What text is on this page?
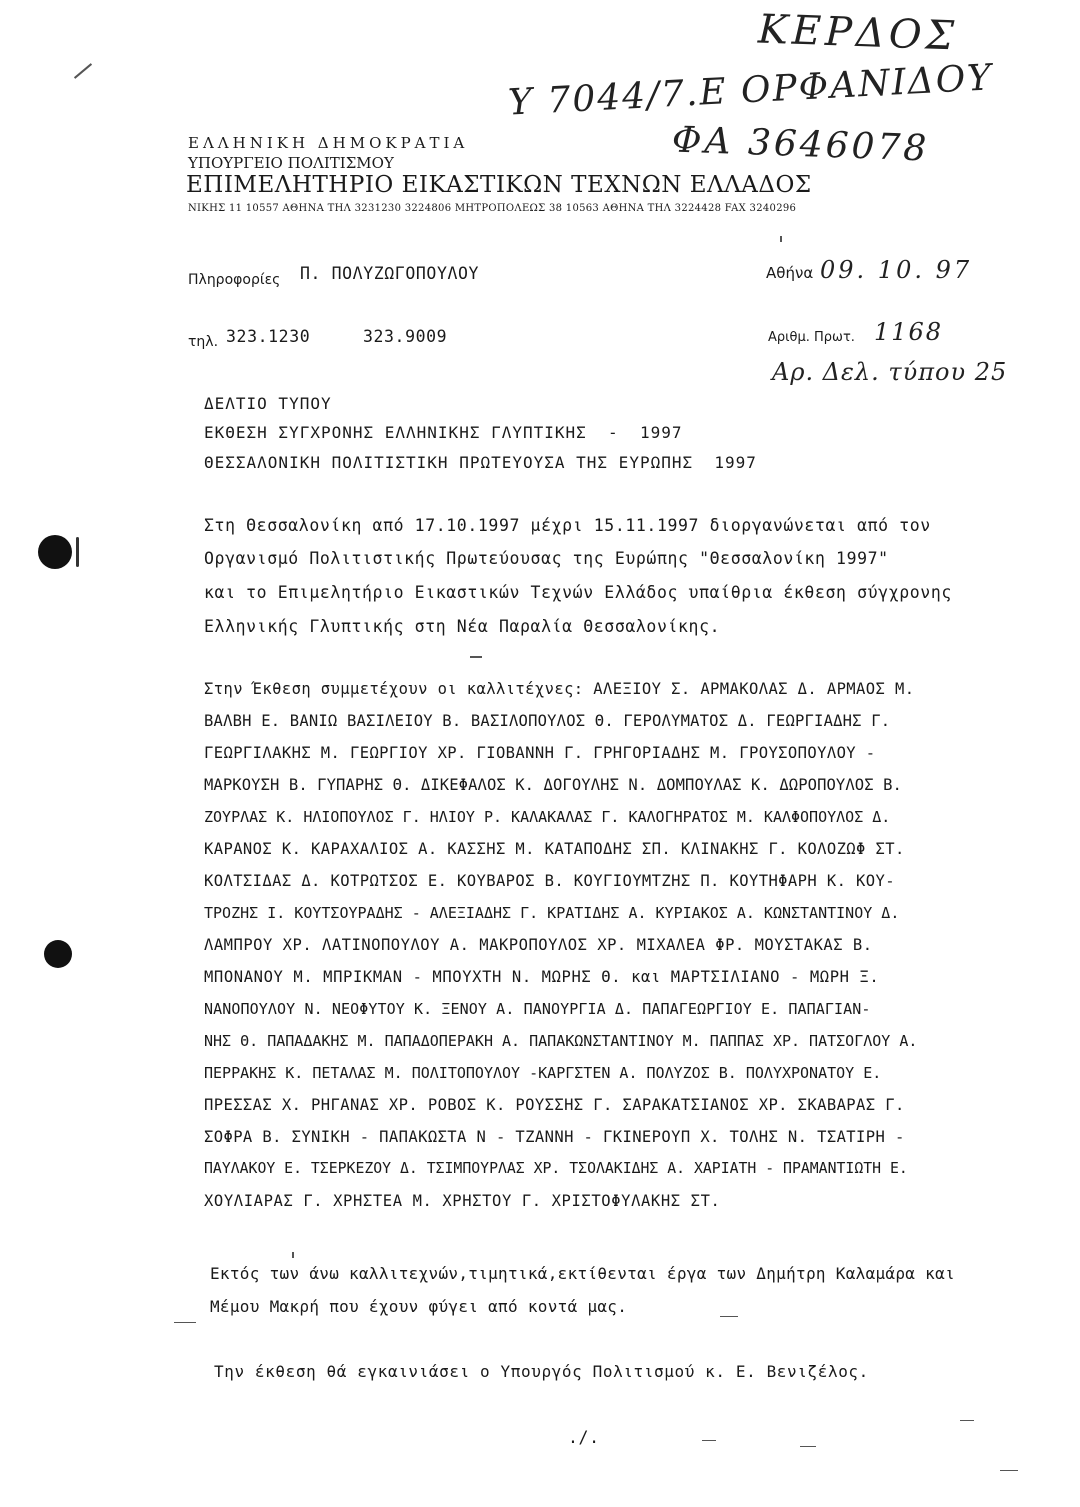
ΚΕΡΔΟΣ
Υ 7044/7.Ε ΟΡΦΑΝΙΔΟΥ
ΦΑ 3646078
ΕΛΛΗΝΙΚΗ ΔΗΜΟΚΡΑΤΙΑ
ΥΠΟΥΡΓΕΙΟ ΠΟΛΙΤΙΣΜΟΥ
ΕΠΙΜΕΛΗΤΗΡΙΟ ΕΙΚΑΣΤΙΚΩΝ ΤΕΧΝΩΝ ΕΛΛΑΔΟΣ
ΝΙΚΗΣ 11 10557 ΑΘΗΝΑ ΤΗΛ 3231230 3224806 ΜΗΤΡΟΠΟΛΕΩΣ 38 10563 ΑΘΗΝΑ ΤΗΛ 3224428 FAX 3240296
Πληροφορίες Π. ΠΟΛΥΖΩΓΟΠΟΥΛΟΥ	Αθήνα 09. 10. 97
τηλ. 323.1230     323.9009	Αριθμ. Πρωτ. 1168
Αρ. Δελ. τύπου 25
ΔΕΛΤΙΟ ΤΥΠΟΥ
ΕΚΘΕΣΗ ΣΥΓΧΡΟΝΗΣ ΕΛΛΗΝΙΚΗΣ ΓΛΥΠΤΙΚΗΣ  -  1997
ΘΕΣΣΑΛΟΝΙΚΗ ΠΟΛΙΤΙΣΤΙΚΗ ΠΡΩΤΕΥΟΥΣΑ ΤΗΣ ΕΥΡΩΠΗΣ  1997
Στη Θεσσαλονίκη από 17.10.1997 μέχρι 15.11.1997 διοργανώνεται από τον
Οργανισμό Πολιτιστικής Πρωτεύουσας της Ευρώπης "Θεσσαλονίκη 1997"
και το Επιμελητήριο Εικαστικών Τεχνών Ελλάδος υπαίθρια έκθεση σύγχρονης
Ελληνικής Γλυπτικής στη Νέα Παραλία Θεσσαλονίκης.
Στην Έκθεση συμμετέχουν οι καλλιτέχνες: ΑΛΕΞΙΟΥ Σ. ΑΡΜΑΚΟΛΑΣ Δ. ΑΡΜΑΟΣ Μ.
ΒΑΛΒΗ Ε. ΒΑΝΙΩ ΒΑΣΙΛΕΙΟΥ Β. ΒΑΣΙΛΟΠΟΥΛΟΣ Θ. ΓΕΡΟΛΥΜΑΤΟΣ Δ. ΓΕΩΡΓΙΑΔΗΣ Γ.
ΓΕΩΡΓΙΛΑΚΗΣ Μ. ΓΕΩΡΓΙΟΥ ΧΡ. ΓΙΟΒΑΝΝΗ Γ. ΓΡΗΓΟΡΙΑΔΗΣ Μ. ΓΡΟΥΣΟΠΟΥΛΟΥ -
ΜΑΡΚΟΥΣΗ Β. ΓΥΠΑΡΗΣ Θ. ΔΙΚΕΦΑΛΟΣ Κ. ΔΟΓΟΥΛΗΣ Ν. ΔΟΜΠΟΥΛΑΣ Κ. ΔΩΡΟΠΟΥΛΟΣ Β.
ΖΟΥΡΛΑΣ Κ. ΗΛΙΟΠΟΥΛΟΣ Γ. ΗΛΙΟΥ Ρ. ΚΑΛΑΚΑΛΑΣ Γ. ΚΑΛΟΓΗΡΑΤΟΣ Μ. ΚΑΛΦΟΠΟΥΛΟΣ Δ.
ΚΑΡΑΝΟΣ Κ. ΚΑΡΑΧΑΛΙΟΣ Α. ΚΑΣΣΗΣ Μ. ΚΑΤΑΠΟΔΗΣ ΣΠ. ΚΛΙΝΑΚΗΣ Γ. ΚΟΛΟΖΩΦ ΣΤ.
ΚΟΛΤΣΙΔΑΣ Δ. ΚΟΤΡΩΤΣΟΣ Ε. ΚΟΥΒΑΡΟΣ Β. ΚΟΥΓΙΟΥΜΤΖΗΣ Π. ΚΟΥΤΗΦΑΡΗ Κ. ΚΟΥ-
ΤΡΟΖΗΣ Ι. ΚΟΥΤΣΟΥΡΑΔΗΣ - ΑΛΕΞΙΑΔΗΣ Γ. ΚΡΑΤΙΔΗΣ Α. ΚΥΡΙΑΚΟΣ Α. ΚΩΝΣΤΑΝΤΙΝΟΥ Δ.
ΛΑΜΠΡΟΥ ΧΡ. ΛΑΤΙΝΟΠΟΥΛΟΥ Α. ΜΑΚΡΟΠΟΥΛΟΣ ΧΡ. ΜΙΧΑΛΕΑ ΦΡ. ΜΟΥΣΤΑΚΑΣ Β.
ΜΠΟΝΑΝΟΥ Μ. ΜΠΡΙΚΜΑΝ - ΜΠΟΥΧΤΗ Ν. ΜΩΡΗΣ Θ. και ΜΑΡΤΣΙΛΙΑΝΟ - ΜΩΡΗ Ξ.
ΝΑΝΟΠΟΥΛΟΥ Ν. ΝΕΟΦΥΤΟΥ Κ. ΞΕΝΟΥ Α. ΠΑΝΟΥΡΓΙΑ Δ. ΠΑΠΑΓΕΩΡΓΙΟΥ Ε. ΠΑΠΑΓΙΑΝ-
ΝΗΣ Θ. ΠΑΠΑΔΑΚΗΣ Μ. ΠΑΠΑΔΟΠΕΡΑΚΗ Α. ΠΑΠΑΚΩΝΣΤΑΝΤΙΝΟΥ Μ. ΠΑΠΠΑΣ ΧΡ. ΠΑΤΣΟΓΛΟΥ Α.
ΠΕΡΡΑΚΗΣ Κ. ΠΕΤΑΛΑΣ Μ. ΠΟΛΙΤΟΠΟΥΛΟΥ -ΚΑΡΓΣΤΕΝ Α. ΠΟΛΥΖΟΣ Β. ΠΟΛΥΧΡΟΝΑΤΟΥ Ε.
ΠΡΕΣΣΑΣ Χ. ΡΗΓΑΝΑΣ ΧΡ. ΡΟΒΟΣ Κ. ΡΟΥΣΣΗΣ Γ. ΣΑΡΑΚΑΤΣΙΑΝΟΣ ΧΡ. ΣΚΑΒΑΡΑΣ Γ.
ΣΟΦΡΑ Β. ΣΥΝΙΚΗ - ΠΑΠΑΚΩΣΤΑ Ν - ΤΖΑΝΝΗ - ΓΚΙΝΕΡΟΥΠ Χ. ΤΟΛΗΣ Ν. ΤΣΑΤΙΡΗ -
ΠΑΥΛΑΚΟΥ Ε. ΤΣΕΡΚΕΖΟΥ Δ. ΤΣΙΜΠΟΥΡΛΑΣ ΧΡ. ΤΣΟΛΑΚΙΔΗΣ Α. ΧΑΡΙΑΤΗ - ΠΡΑΜΑΝΤΙΩΤΗ Ε.
ΧΟΥΛΙΑΡΑΣ Γ. ΧΡΗΣΤΕΑ Μ. ΧΡΗΣΤΟΥ Γ. ΧΡΙΣΤΟΦΥΛΑΚΗΣ ΣΤ.
Εκτός των άνω καλλιτεχνών,τιμητικά,εκτίθενται έργα των Δημήτρη Καλαμάρα και
Μέμου Μακρή που έχουν φύγει από κοντά μας.
Την έκθεση θά εγκαινιάσει ο Υπουργός Πολιτισμού κ. Ε. Βενιζέλος.
./.
